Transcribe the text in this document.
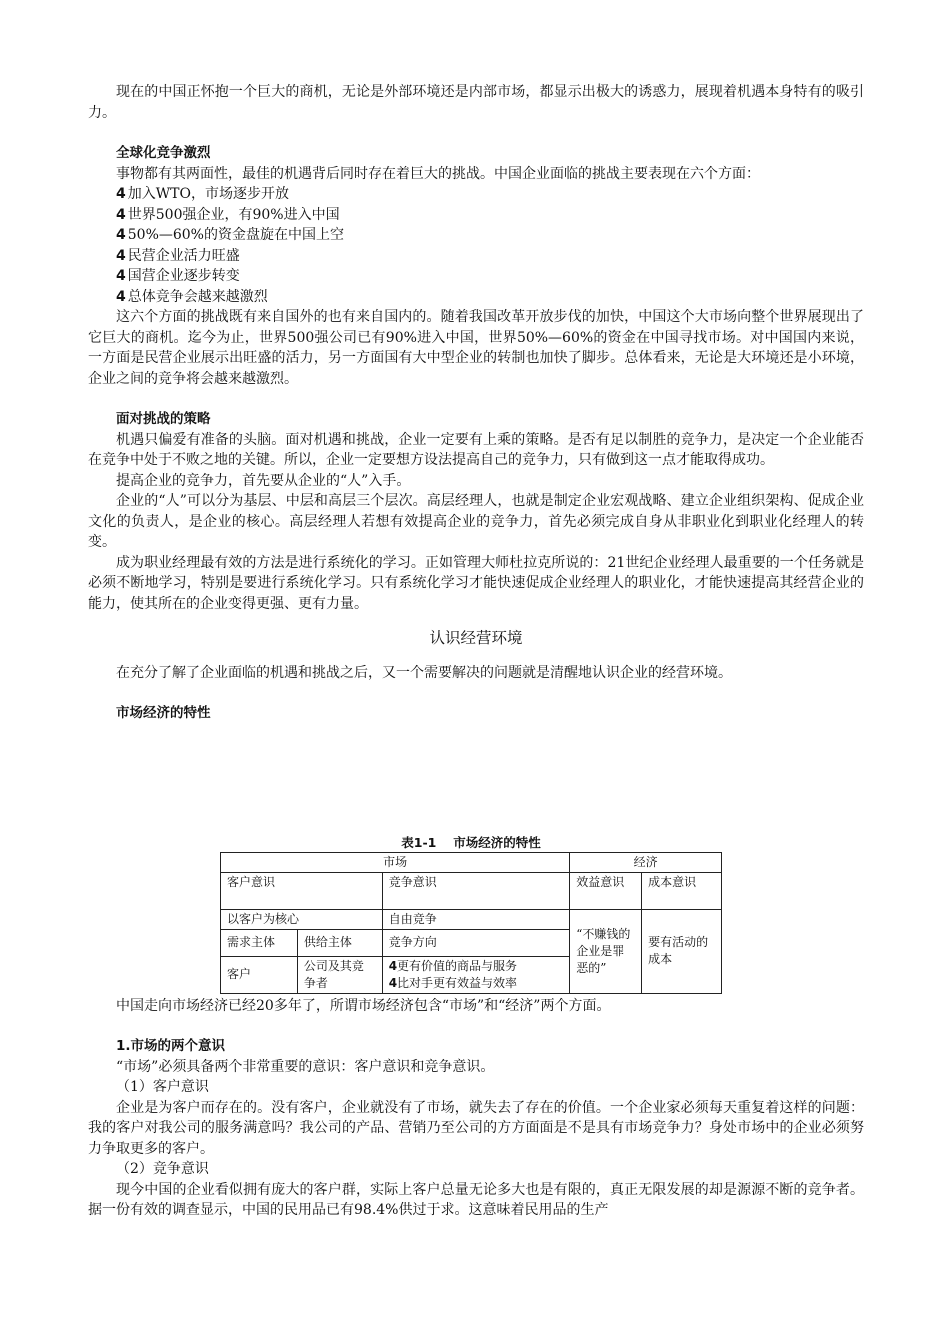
现在的中国正怀抱一个巨大的商机，无论是外部环境还是内部市场，都显示出极大的诱惑力，展现着机遇本身特有的吸引力。

全球化竞争激烈

事物都有其两面性，最佳的机遇背后同时存在着巨大的挑战。中国企业面临的挑战主要表现在六个方面：

4 加入WTO，市场逐步开放

4 世界500强企业，有90%进入中国

4 50%—60%的资金盘旋在中国上空

4 民营企业活力旺盛

4 国营企业逐步转变

4 总体竞争会越来越激烈

这六个方面的挑战既有来自国外的也有来自国内的。随着我国改革开放步伐的加快，中国这个大市场向整个世界展现出了它巨大的商机。迄今为止，世界500强公司已有90%进入中国，世界50%—60%的资金在中国寻找市场。对中国国内来说，一方面是民营企业展示出旺盛的活力，另一方面国有大中型企业的转制也加快了脚步。总体看来，无论是大环境还是小环境，企业之间的竞争将会越来越激烈。

面对挑战的策略

机遇只偏爱有准备的头脑。面对机遇和挑战，企业一定要有上乘的策略。是否有足以制胜的竞争力，是决定一个企业能否在竞争中处于不败之地的关键。所以，企业一定要想方设法提高自己的竞争力，只有做到这一点才能取得成功。

提高企业的竞争力，首先要从企业的“人”入手。

企业的“人”可以分为基层、中层和高层三个层次。高层经理人，也就是制定企业宏观战略、建立企业组织架构、促成企业文化的负责人，是企业的核心。高层经理人若想有效提高企业的竞争力，首先必须完成自身从非职业化到职业化经理人的转变。

成为职业经理最有效的方法是进行系统化的学习。正如管理大师杜拉克所说的：21世纪企业经理人最重要的一个任务就是必须不断地学习，特别是要进行系统化学习。只有系统化学习才能快速促成企业经理人的职业化，才能快速提高其经营企业的能力，使其所在的企业变得更强、更有力量。

认识经营环境

在充分了解了企业面临的机遇和挑战之后，又一个需要解决的问题就是清醒地认识企业的经营环境。

市场经济的特性

表1-1　 市场经济的特性
市场			经济	
客户意识		竞争意识	效益意识	成本意识
以客户为核心		自由竞争	“不赚钱的企业是罪恶的”	要有活动的成本
需求主体	供给主体	竞争方向		
客户	公司及其竞争者	4更有价值的商品与服务
4比对手更有效益与效率		

中国走向市场经济已经20多年了，所谓市场经济包含“市场”和“经济”两个方面。

1.市场的两个意识

“市场”必须具备两个非常重要的意识：客户意识和竞争意识。

（1）客户意识

企业是为客户而存在的。没有客户，企业就没有了市场，就失去了存在的价值。一个企业家必须每天重复着这样的问题：我的客户对我公司的服务满意吗？我公司的产品、营销乃至公司的方方面面是不是具有市场竞争力？身处市场中的企业必须努力争取更多的客户。

（2）竞争意识

现今中国的企业看似拥有庞大的客户群，实际上客户总量无论多大也是有限的，真正无限发展的却是源源不断的竞争者。据一份有效的调查显示，中国的民用品已有98.4%供过于求。这意味着民用品的生产
